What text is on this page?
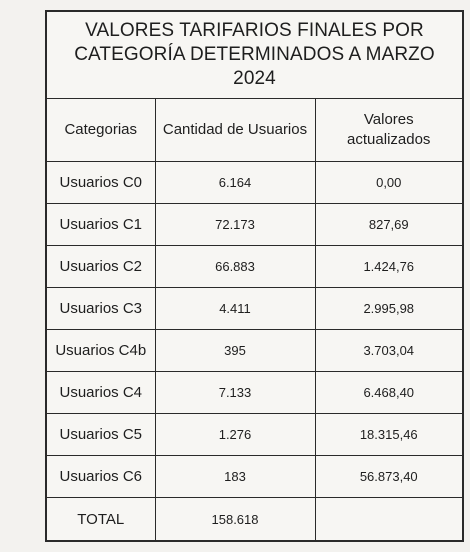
VALORES TARIFARIOS FINALES POR
CATEGORÍA DETERMINADOS A MARZO
2024
Categorias	Cantidad de Usuarios	Valores
actualizados

Usuarios C0	6.164	0,00
Usuarios C1	72.173	827,69
Usuarios C2	66.883	1.424,76
Usuarios C3	4.411	2.995,98
Usuarios C4b	395	3.703,04
Usuarios C4	7.133	6.468,40
Usuarios C5	1.276	18.315,46
Usuarios C6	183	56.873,40
TOTAL	158.618	
